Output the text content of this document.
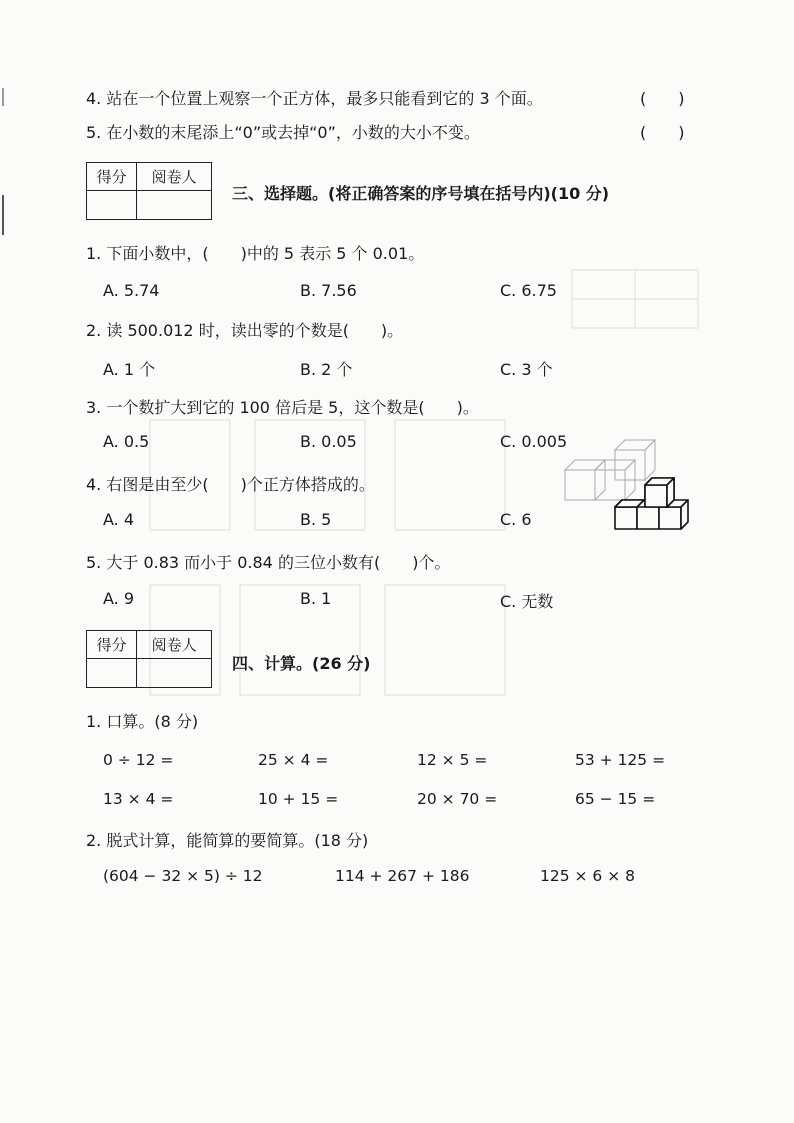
4. 站在一个位置上观察一个正方体，最多只能看到它的 3 个面。	(　　)
5. 在小数的末尾添上“0”或去掉“0”，小数的大小不变。	(　　)
得分	阅卷人

三、选择题。(将正确答案的序号填在括号内)(10 分)
1. 下面小数中，(　　)中的 5 表示 5 个 0.01。
A. 5.74	B. 7.56	C. 6.75
2. 读 500.012 时，读出零的个数是(　　)。
A. 1 个	B. 2 个	C. 3 个
3. 一个数扩大到它的 100 倍后是 5，这个数是(　　)。
A. 0.5	B. 0.05	C. 0.005
4. 右图是由至少(　　)个正方体搭成的。
A. 4	B. 5	C. 6
5. 大于 0.83 而小于 0.84 的三位小数有(　　)个。
A. 9	B. 1	C. 无数
得分	阅卷人

四、计算。(26 分)
1. 口算。(8 分)
0 ÷ 12 =	25 × 4 =	12 × 5 =	53 + 125 =
13 × 4 =	10 + 15 =	20 × 70 =	65 − 15 =
2. 脱式计算，能简算的要简算。(18 分)
(604 − 32 × 5) ÷ 12	114 + 267 + 186	125 × 6 × 8
